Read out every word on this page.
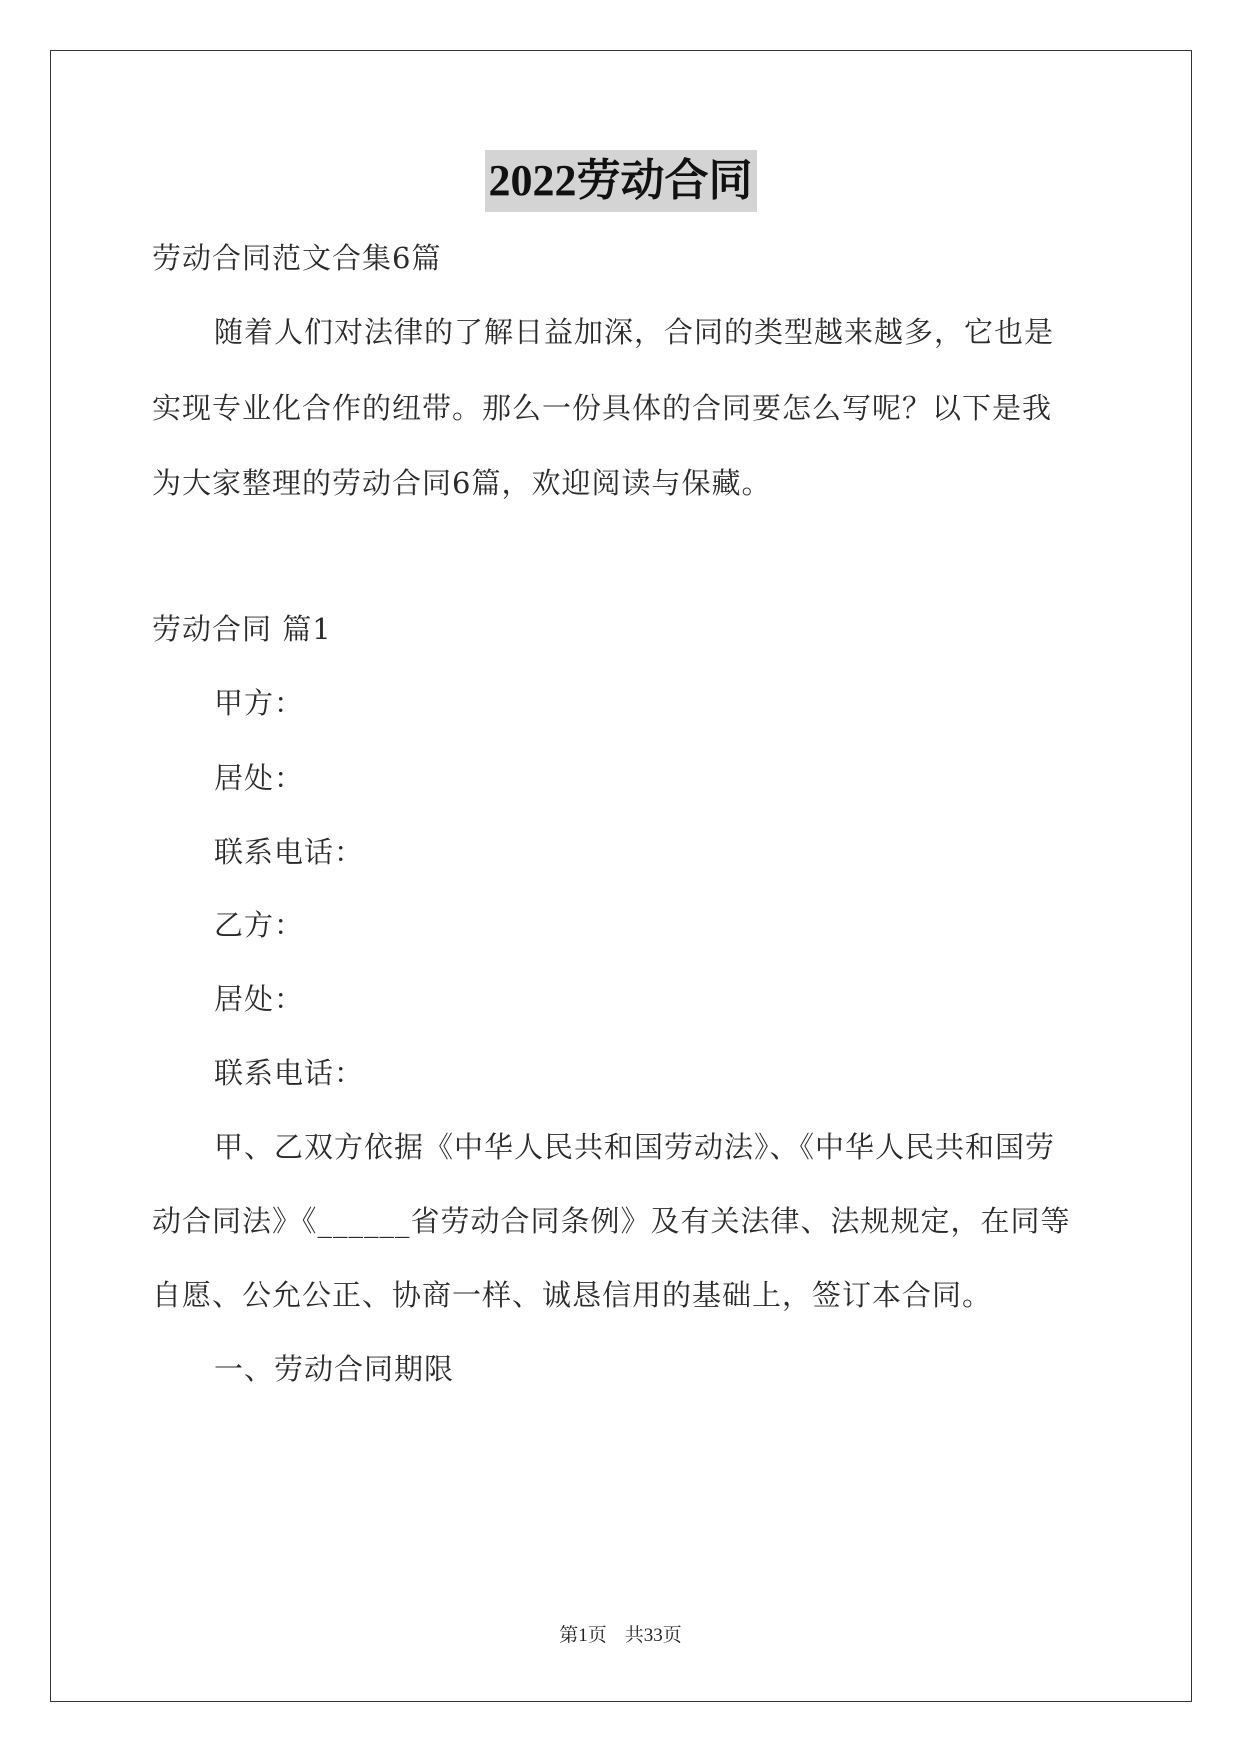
2022劳动合同
劳动合同范文合集6篇
随着人们对法律的了解日益加深，合同的类型越来越多，它也是
实现专业化合作的纽带。那么一份具体的合同要怎么写呢？以下是我
为大家整理的劳动合同6篇，欢迎阅读与保藏。
劳动合同 篇1
甲方：
居处：
联系电话：
乙方：
居处：
联系电话：
甲、乙双方依据《中华人民共和国劳动法》、《中华人民共和国劳
动合同法》《______省劳动合同条例》及有关法律、法规规定，在同等
自愿、公允公正、协商一样、诚恳信用的基础上，签订本合同。
一、劳动合同期限
第1页 共33页
